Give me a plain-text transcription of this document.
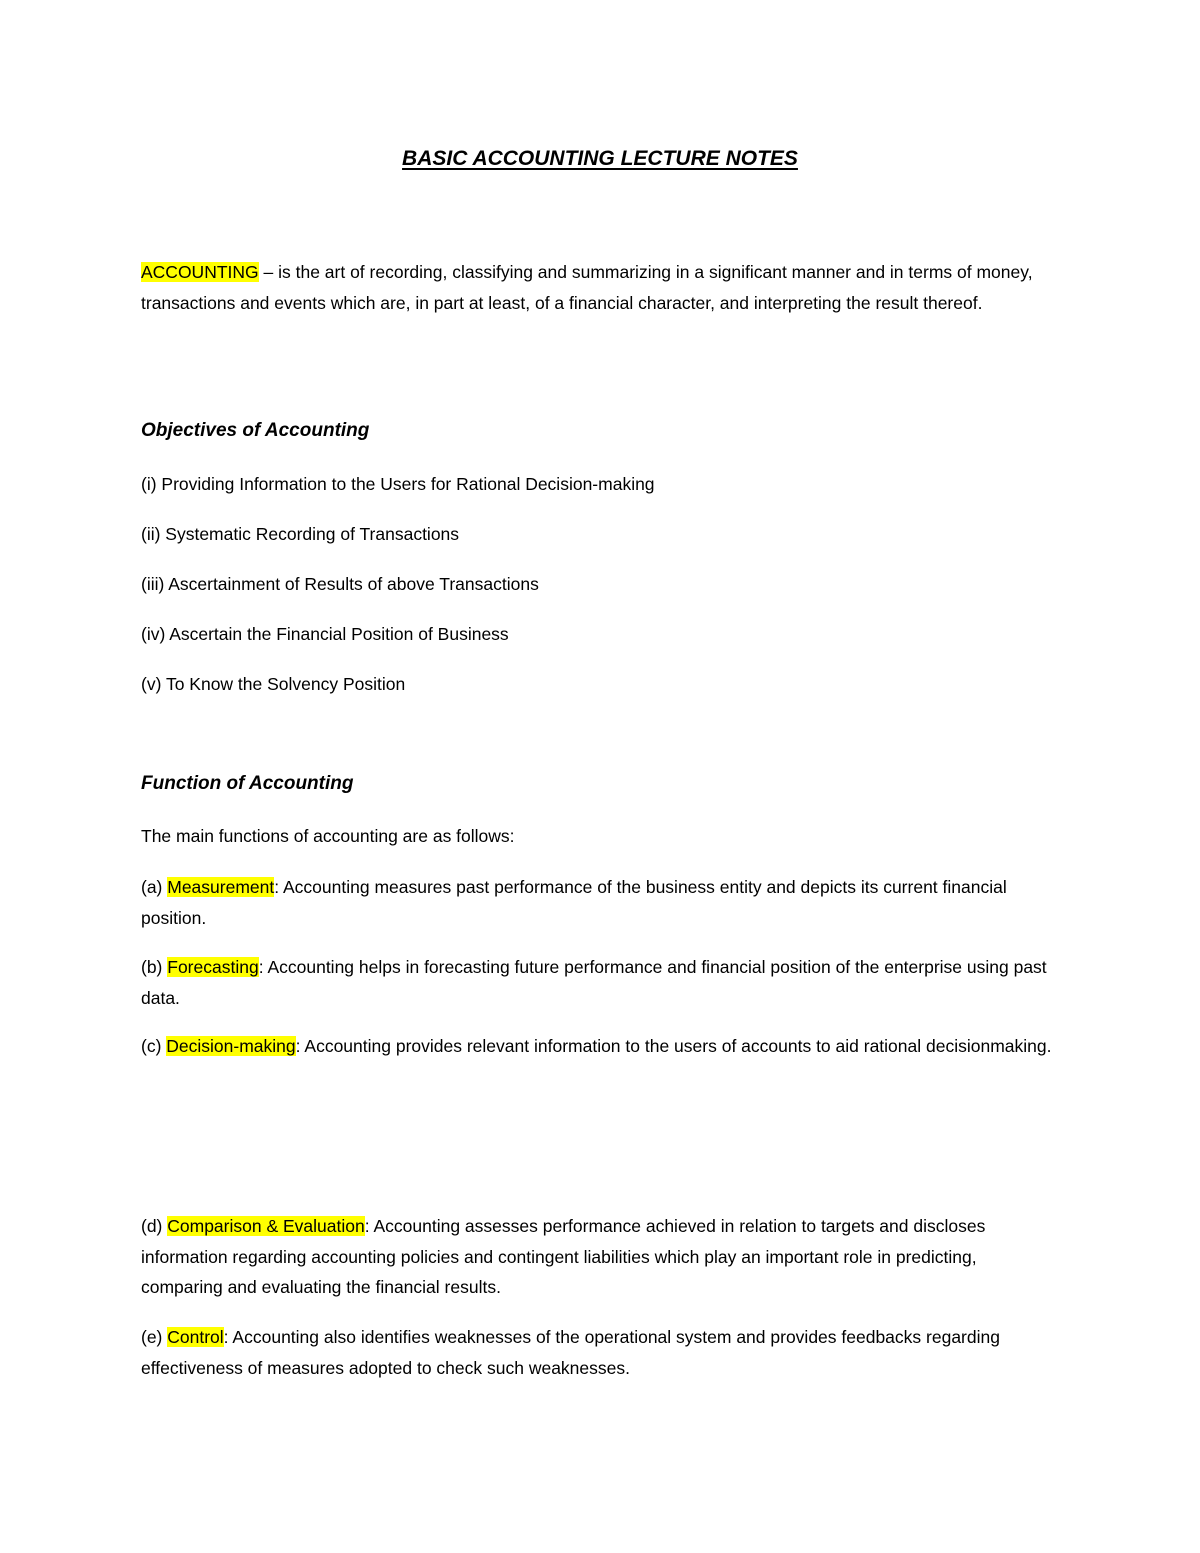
BASIC ACCOUNTING LECTURE NOTES
ACCOUNTING – is the art of recording, classifying and summarizing in a significant manner and in terms of money, transactions and events which are, in part at least, of a financial character, and interpreting the result thereof.
Objectives of Accounting
(i) Providing Information to the Users for Rational Decision-making
(ii) Systematic Recording of Transactions
(iii) Ascertainment of Results of above Transactions
(iv) Ascertain the Financial Position of Business
(v) To Know the Solvency Position
Function of Accounting
The main functions of accounting are as follows:
(a) Measurement: Accounting measures past performance of the business entity and depicts its current financial position.
(b) Forecasting: Accounting helps in forecasting future performance and financial position of the enterprise using past data.
(c) Decision-making: Accounting provides relevant information to the users of accounts to aid rational decisionmaking.
(d) Comparison & Evaluation: Accounting assesses performance achieved in relation to targets and discloses information regarding accounting policies and contingent liabilities which play an important role in predicting, comparing and evaluating the financial results.
(e) Control: Accounting also identifies weaknesses of the operational system and provides feedbacks regarding effectiveness of measures adopted to check such weaknesses.
